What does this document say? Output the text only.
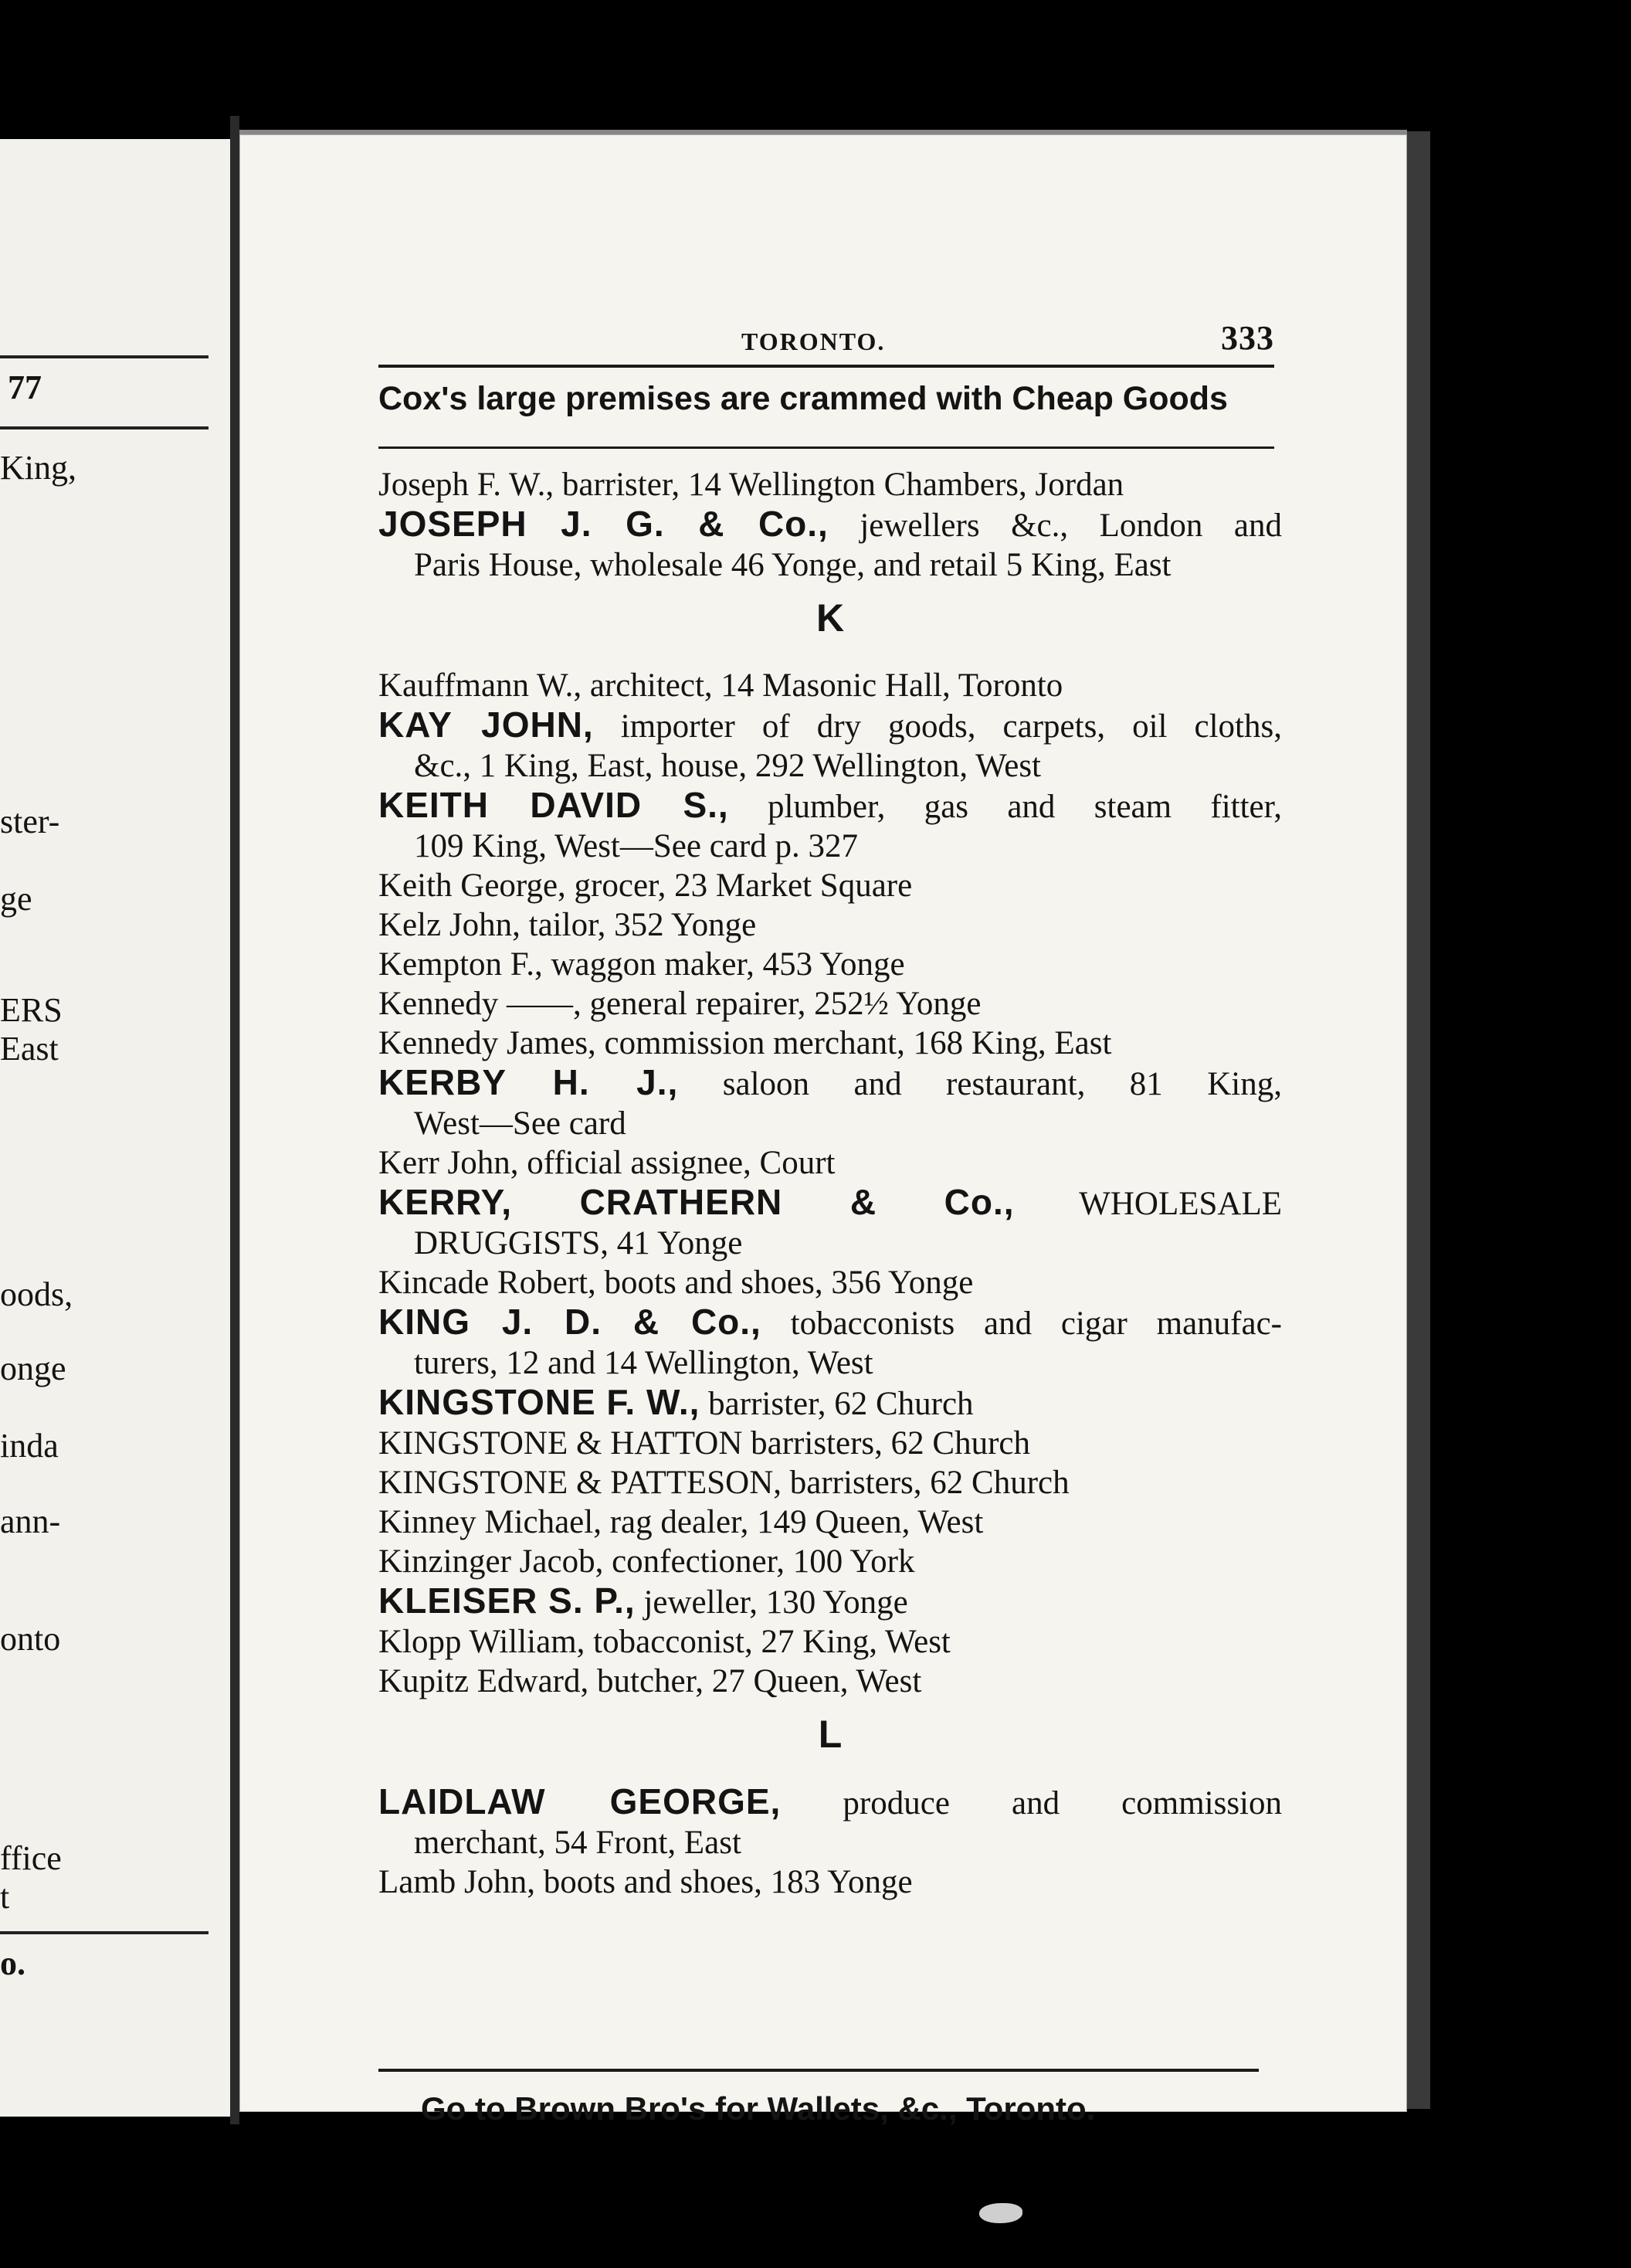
77
King,
ster-
ge
ERS
East
oods,
onge
inda
ann-
onto
ffice
t
o.
TORONTO.	333
Cox's large premises are crammed with Cheap Goods

Joseph F. W., barrister, 14 Wellington Chambers, Jordan

JOSEPH J. G. & Co., jewellers &c., London and
Paris House, wholesale 46 Yonge, and retail 5 King, East

K

Kauffmann W., architect, 14 Masonic Hall, Toronto

KAY JOHN, importer of dry goods, carpets, oil cloths,
&c., 1 King, East, house, 292 Wellington, West

KEITH DAVID S., plumber, gas and steam fitter,
109 King, West—See card p. 327

Keith George, grocer, 23 Market Square

Kelz John, tailor, 352 Yonge

Kempton F., waggon maker, 453 Yonge

Kennedy ——, general repairer, 252½ Yonge

Kennedy James, commission merchant, 168 King, East

KERBY H. J., saloon and restaurant, 81 King,
West—See card

Kerr John, official assignee, Court

KERRY, CRATHERN & Co., WHOLESALE
DRUGGISTS, 41 Yonge

Kincade Robert, boots and shoes, 356 Yonge

KING J. D. & Co., tobacconists and cigar manufac-
turers, 12 and 14 Wellington, West

KINGSTONE F. W., barrister, 62 Church

KINGSTONE & HATTON barristers, 62 Church

KINGSTONE & PATTESON, barristers, 62 Church

Kinney Michael, rag dealer, 149 Queen, West

Kinzinger Jacob, confectioner, 100 York

KLEISER S. P., jeweller, 130 Yonge

Klopp William, tobacconist, 27 King, West

Kupitz Edward, butcher, 27 Queen, West

L

LAIDLAW GEORGE, produce and commission
merchant, 54 Front, East

Lamb John, boots and shoes, 183 Yonge

Go to Brown Bro's for Wallets, &c., Toronto.
